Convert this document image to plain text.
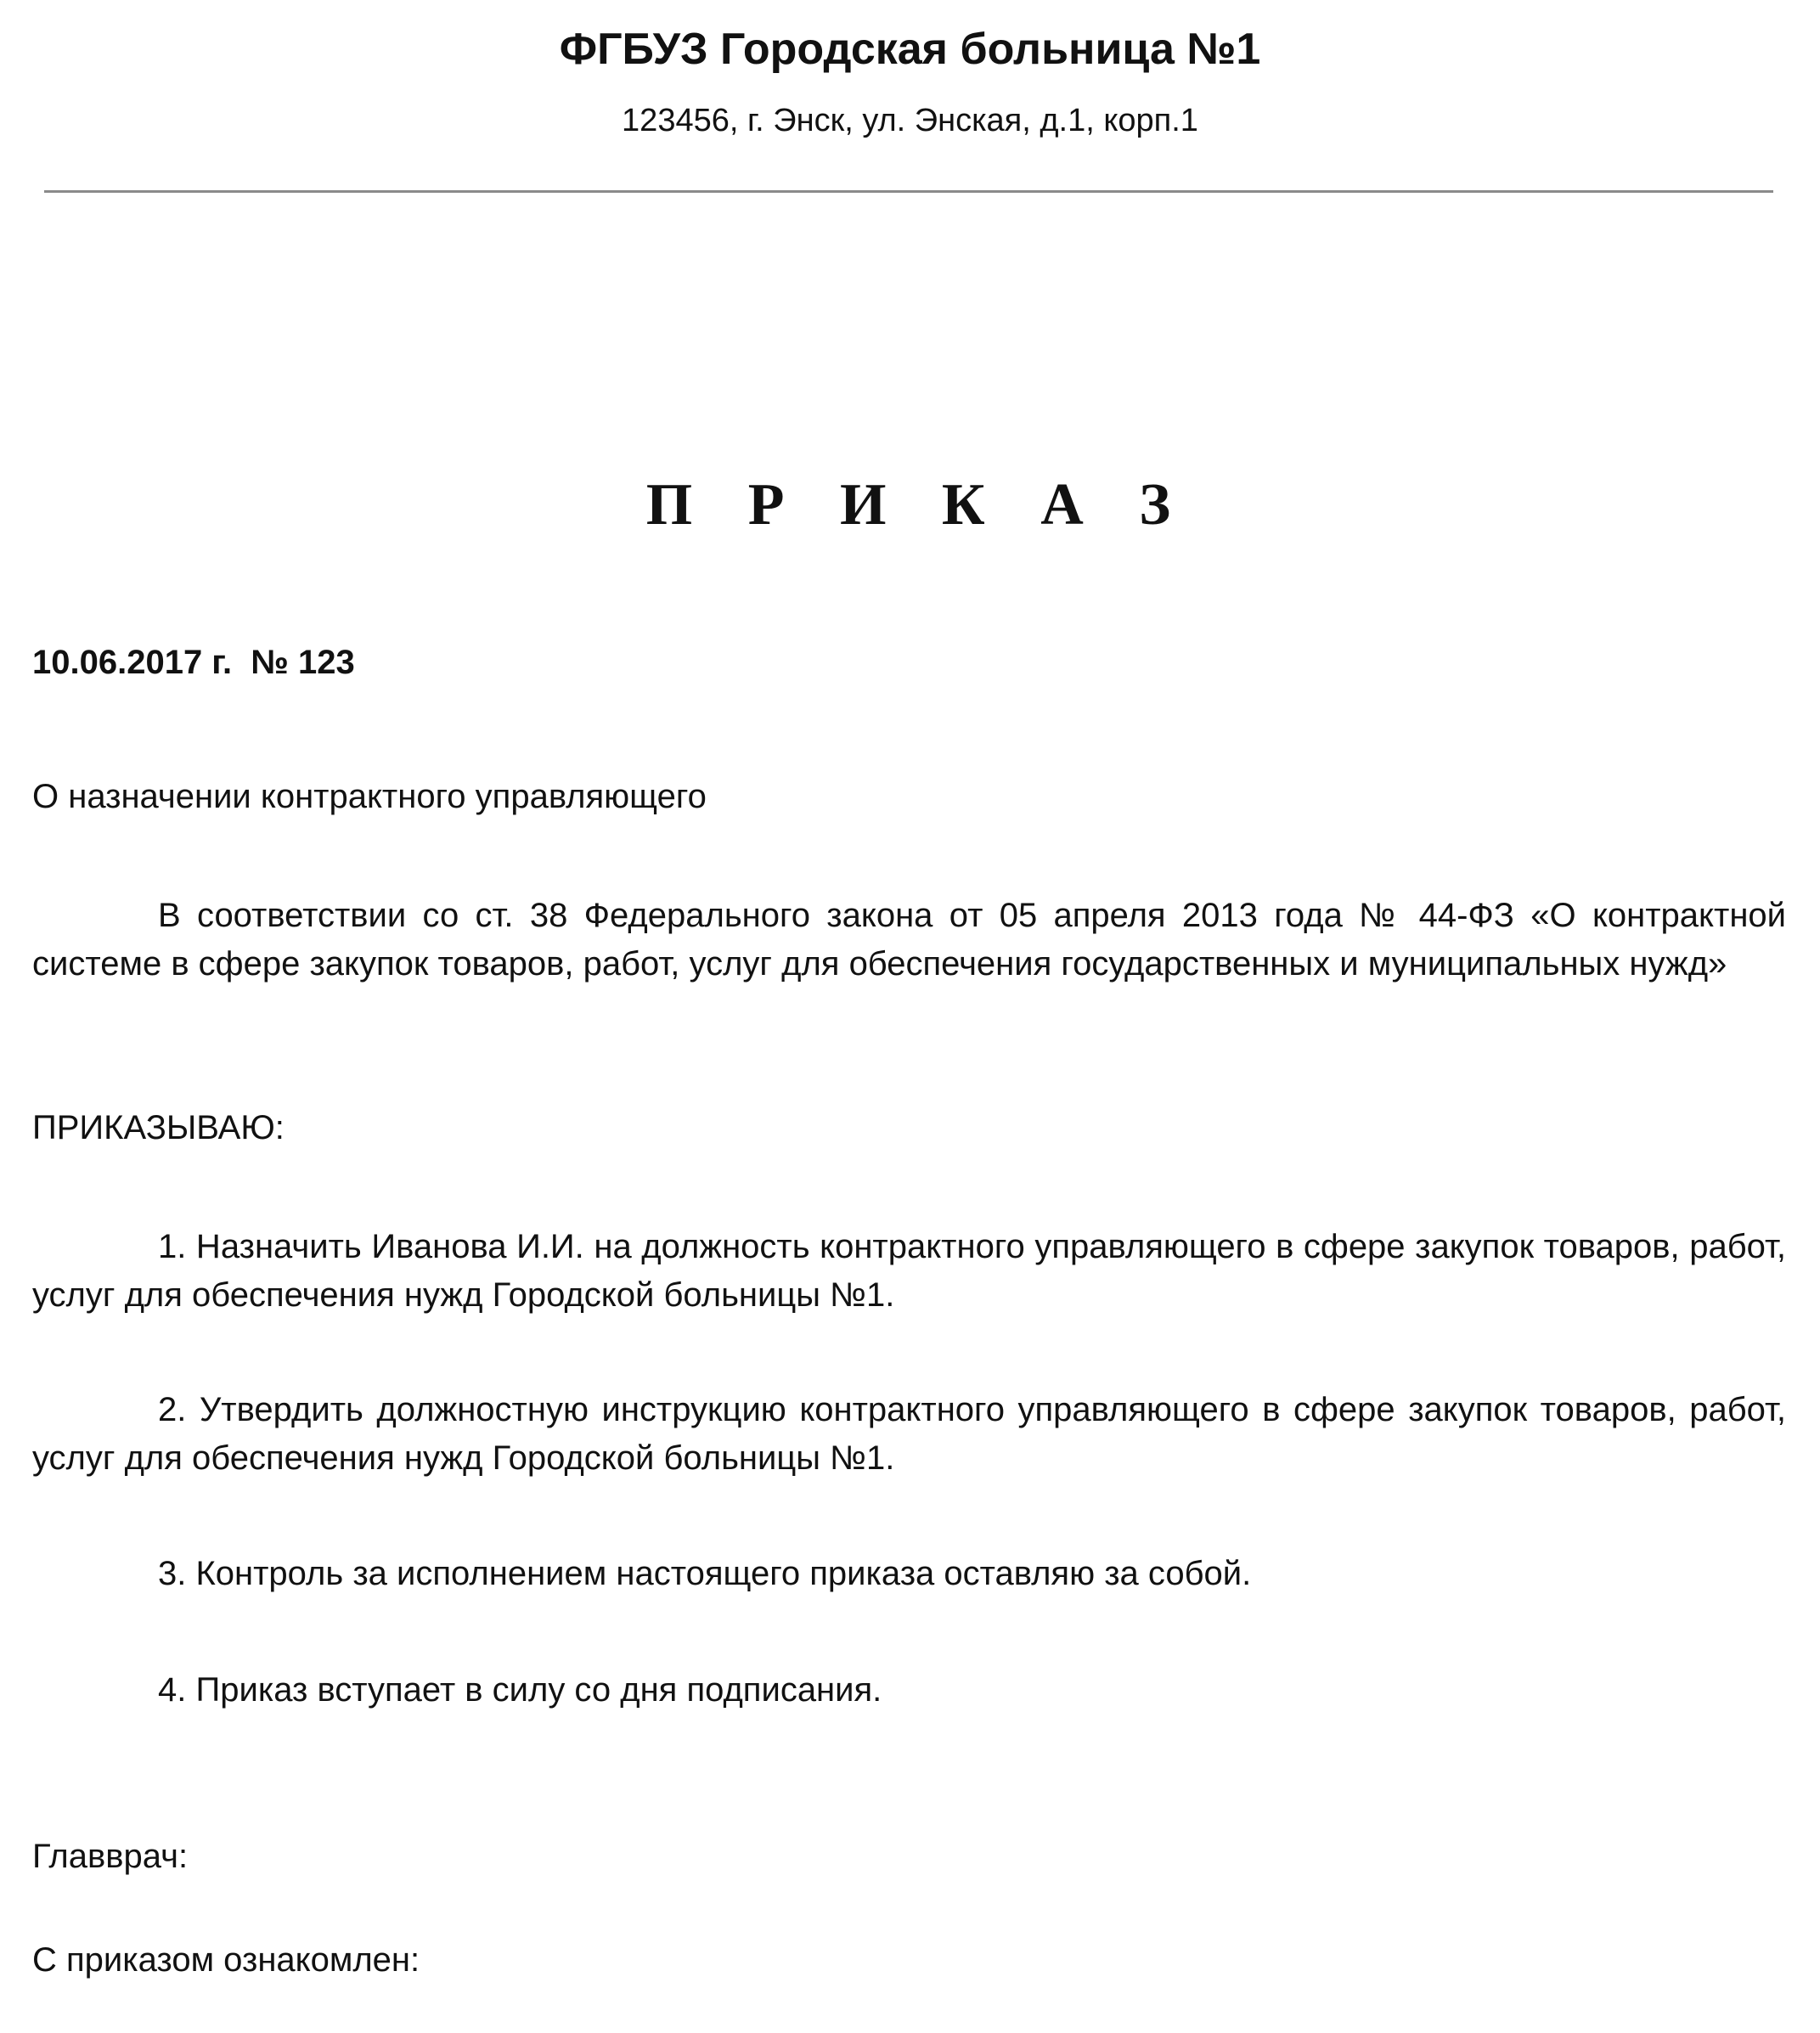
ФГБУЗ Городская больница №1
123456, г. Энск, ул. Энская, д.1, корп.1
П Р И К А З
10.06.2017 г.  № 123
О назначении контрактного управляющего
В соответствии со ст. 38 Федерального закона от 05 апреля 2013 года № 44-ФЗ «О контрактной системе в сфере закупок товаров, работ, услуг для обеспечения государственных и муниципальных нужд»
ПРИКАЗЫВАЮ:
1. Назначить Иванова И.И. на должность контрактного управляющего в сфере закупок товаров, работ, услуг для обеспечения нужд Городской больницы №1.
2. Утвердить должностную инструкцию контрактного управляющего в сфере закупок товаров, работ, услуг для обеспечения нужд Городской больницы №1.
3. Контроль за исполнением настоящего приказа оставляю за собой.
4. Приказ вступает в силу со дня подписания.
Главврач:
С приказом ознакомлен:
